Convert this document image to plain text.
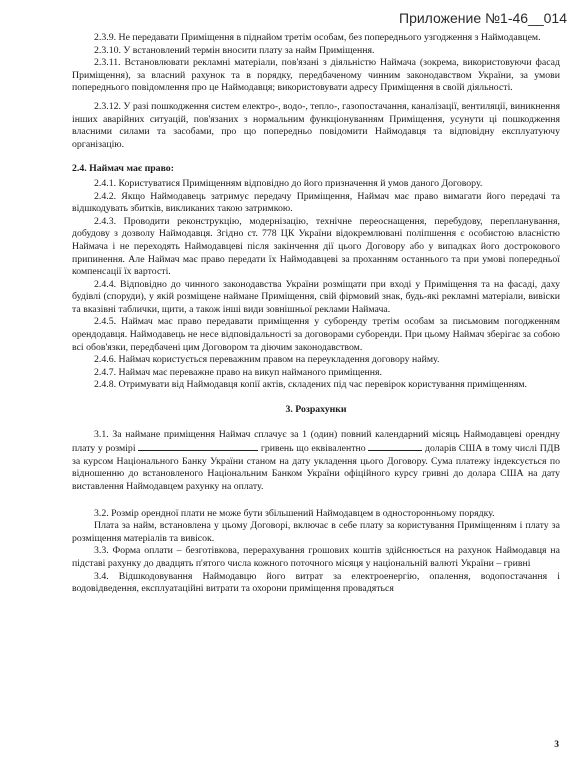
Приложение №1-46__014

2.3.9. Не передавати Приміщення в піднайом третім особам, без попереднього узгодження з Наймодавцем.

2.3.10. У встановлений термін вносити плату за найм Приміщення.

2.3.11. Встановлювати рекламні матеріали, пов'язані з діяльністю Наймача (зокрема, використовуючи фасад Приміщення), за власний рахунок та в порядку, передбаченому чинним законодавством України, за умови попереднього повідомлення про це Наймодавця; використовувати адресу Приміщення в своїй діяльності.

2.3.12. У разі пошкодження систем електро-, водо-, тепло-, газопостачання, каналізації, вентиляції, виникнення інших аварійних ситуацій, пов'язаних з нормальним функціонуванням Приміщення, усунути ці пошкодження власними силами та засобами, про що попередньо повідомити Наймодавця та відповідну експлуатуючу організацію.

2.4. Наймач має право:

2.4.1. Користуватися Приміщенням відповідно до його призначення й умов даного Договору.

2.4.2. Якщо Наймодавець затримує передачу Приміщення, Наймач має право вимагати його передачі та відшкодувать збитків, викликаних такою затримкою.

2.4.3. Проводити реконструкцію, модернізацію, технічне переоснащення, перебудову, перепланування, добудову з дозволу Наймодавця. Згідно ст. 778 ЦК України відокремлювані поліпшення є особистою власністю Наймача і не переходять Наймодавцеві після закінчення дії цього Договору або у випадках його дострокового припинення. Але Наймач має право передати їх Наймодавцеві за проханням останнього та при умові попередньої компенсації їх вартості.

2.4.4. Відповідно до чинного законодавства України розміщати при вході у Приміщення та на фасаді, даху будівлі (споруди), у якій розміщене наймане Приміщення, свій фірмовий знак, будь-які рекламні матеріали, вивіски та вказівні таблички, щити, а також інші види зовнішньої реклами Наймача.

2.4.5. Наймач має право передавати приміщення у суборенду третім особам за письмовим погодженням орендодавця. Наймодавець не несе відповідальності за договорами суборенди. При цьому Наймач зберігає за собою всі обов'язки, передбачені цим Договором та діючим законодавством.

2.4.6. Наймач користується переважним правом на переукладення договору найму.

2.4.7. Наймач має переважне право на викуп найманого приміщення.

2.4.8. Отримувати від Наймодавця копії актів, складених під час перевірок користування приміщенням.

3. Розрахунки

3.1. За наймане приміщення Наймач сплачує за 1 (один) повний календарний місяць Наймодавцеві орендну плату у розмірі	гривень що еквівалентно	доларів США в тому числі ПДВ за курсом Національного Банку України станом на дату укладення цього Договору. Сума платежу індексується по відношенню до встановленого Національним Банком України офіційного курсу гривні до долара США на дату виставлення Наймодавцем рахунку на оплату.

3.2. Розмір орендної плати не може бути збільшений Наймодавцем в односторонньому порядку.

Плата за найм, встановлена у цьому Договорі, включає в себе плату за користування Приміщенням і плату за розміщення матеріалів та вивісок.

3.3. Форма оплати – безготівкова, перерахування грошових коштів здійснюється на рахунок Наймодавця на підставі рахунку до двадцять п'ятого числа кожного поточного місяця у національній валюті України – гривні

3.4. Відшкодовування Наймодавцю його витрат за електроенергію, опалення, водопостачання і водовідведення, експлуатаційні витрати та охорони приміщення провадяться

3
